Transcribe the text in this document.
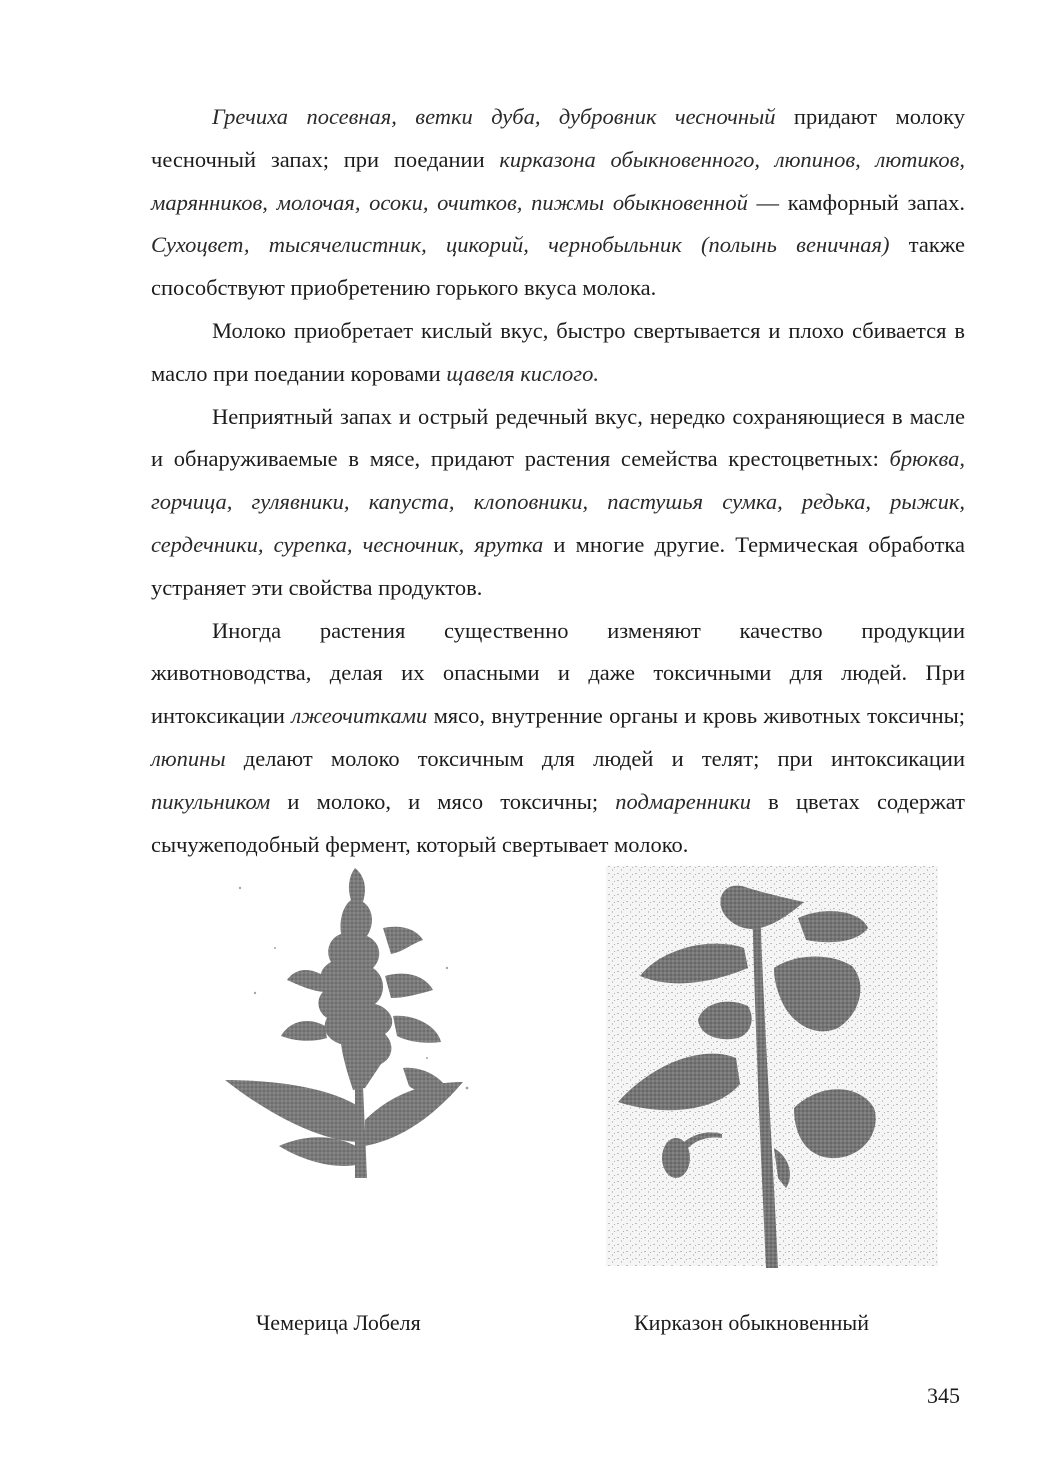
Гречиха посевная, ветки дуба, дубровник чесночный придают молоку чесночный запах; при поедании кирказона обыкновенного, люпинов, лютиков, марянников, молочая, осоки, очитков, пижмы обыкновенной — камфорный запах. Сухоцвет, тысячелистник, цикорий, чернобыльник (полынь веничная) также способствуют приобретению горького вкуса молока.

Молоко приобретает кислый вкус, быстро свертывается и плохо сбивается в масло при поедании коровами щавеля кислого.

Неприятный запах и острый редечный вкус, нередко сохраняющиеся в масле и обнаруживаемые в мясе, придают растения семейства крестоцветных: брюква, горчица, гулявники, капуста, клоповники, пастушья сумка, редька, рыжик, сердечники, сурепка, чесночник, ярутка и многие другие. Термическая обработка устраняет эти свойства продуктов.

Иногда растения существенно изменяют качество продукции животноводства, делая их опасными и даже токсичными для людей. При интоксикации лжеочитками мясо, внутренние органы и кровь животных токсичны; люпины делают молоко токсичным для людей и телят; при интоксикации пикульником и молоко, и мясо токсичны; подмаренники в цветах содержат сычужеподобный фермент, который свертывает молоко.

Чемерица Лобеля	Кирказон обыкновенный
345
